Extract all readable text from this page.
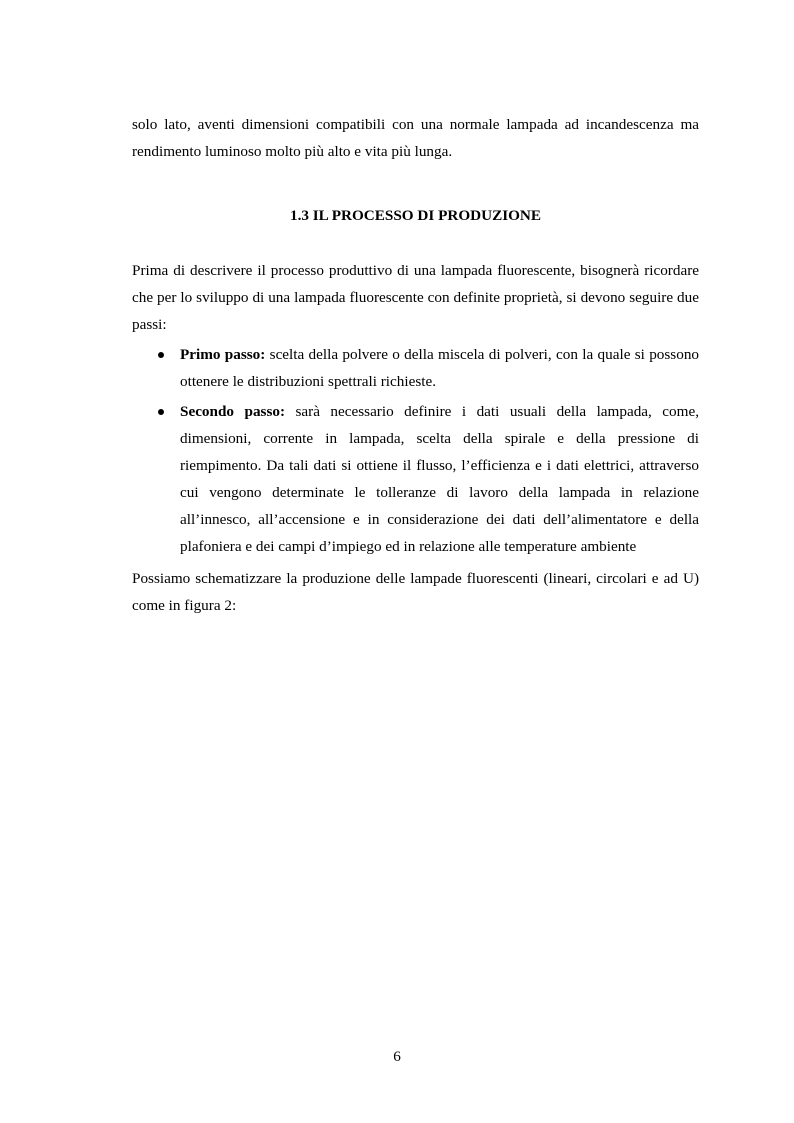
solo lato, aventi dimensioni compatibili con una normale lampada ad incandescenza ma rendimento luminoso molto più alto e vita più lunga.

1.3 IL PROCESSO DI PRODUZIONE

Prima di descrivere il processo produttivo di una lampada fluorescente, bisognerà ricordare che per lo sviluppo di una lampada fluorescente con definite proprietà, si devono seguire due passi:

Primo passo: scelta della polvere o della miscela di polveri, con la quale si possono ottenere le distribuzioni spettrali richieste.
Secondo passo: sarà necessario definire i dati usuali della lampada, come, dimensioni, corrente in lampada, scelta della spirale e della pressione di riempimento. Da tali dati si ottiene il flusso, l’efficienza e i dati elettrici, attraverso cui vengono determinate le tolleranze di lavoro della lampada in relazione all’innesco, all’accensione e in considerazione dei dati dell’alimentatore e della plafoniera e dei campi d’impiego ed in relazione alle temperature ambiente

Possiamo schematizzare la produzione delle lampade fluorescenti (lineari, circolari e ad U) come in figura 2:

6
